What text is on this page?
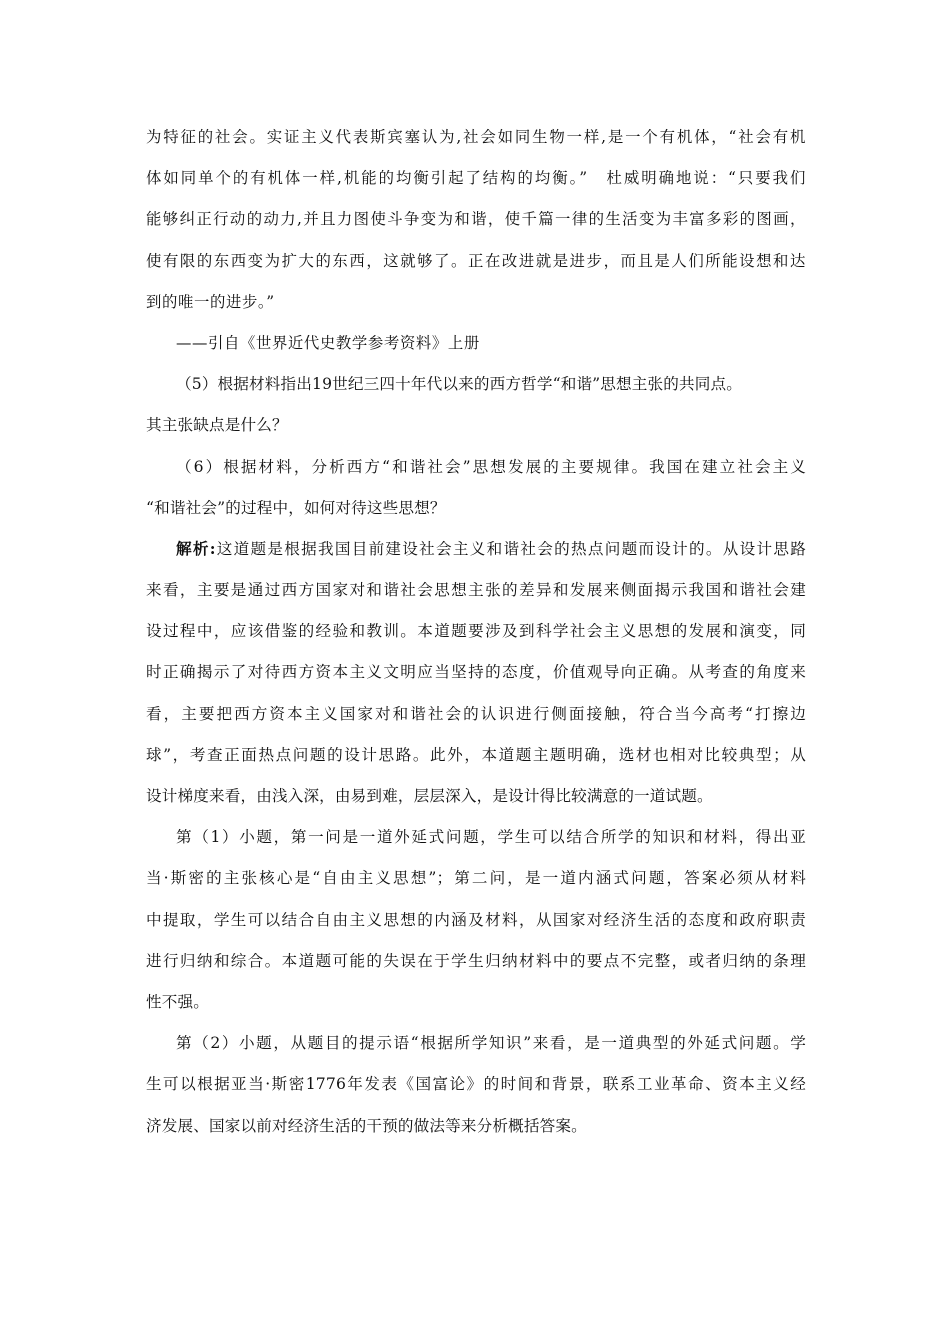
为特征的社会。实证主义代表斯宾塞认为,社会如同生物一样,是一个有机体，“社会有机
体如同单个的有机体一样,机能的均衡引起了结构的均衡。”　杜威明确地说：“只要我们
能够纠正行动的动力,并且力图使斗争变为和谐，使千篇一律的生活变为丰富多彩的图画，
使有限的东西变为扩大的东西，这就够了。正在改进就是进步，而且是人们所能设想和达
到的唯一的进步。”
——引自《世界近代史教学参考资料》上册
（5）根据材料指出19世纪三四十年代以来的西方哲学“和谐”思想主张的共同点。
其主张缺点是什么？
（6）根据材料，分析西方“和谐社会”思想发展的主要规律。我国在建立社会主义
“和谐社会”的过程中，如何对待这些思想？
解析:这道题是根据我国目前建设社会主义和谐社会的热点问题而设计的。从设计思路
来看，主要是通过西方国家对和谐社会思想主张的差异和发展来侧面揭示我国和谐社会建
设过程中，应该借鉴的经验和教训。本道题要涉及到科学社会主义思想的发展和演变，同
时正确揭示了对待西方资本主义文明应当坚持的态度，价值观导向正确。从考查的角度来
看，主要把西方资本主义国家对和谐社会的认识进行侧面接触，符合当今高考“打擦边
球”，考查正面热点问题的设计思路。此外，本道题主题明确，选材也相对比较典型；从
设计梯度来看，由浅入深，由易到难，层层深入，是设计得比较满意的一道试题。
第（1）小题，第一问是一道外延式问题，学生可以结合所学的知识和材料，得出亚
当·斯密的主张核心是“自由主义思想”；第二问，是一道内涵式问题，答案必须从材料
中提取，学生可以结合自由主义思想的内涵及材料，从国家对经济生活的态度和政府职责
进行归纳和综合。本道题可能的失误在于学生归纳材料中的要点不完整，或者归纳的条理
性不强。
第（2）小题，从题目的提示语“根据所学知识”来看，是一道典型的外延式问题。学
生可以根据亚当·斯密1776年发表《国富论》的时间和背景，联系工业革命、资本主义经
济发展、国家以前对经济生活的干预的做法等来分析概括答案。
